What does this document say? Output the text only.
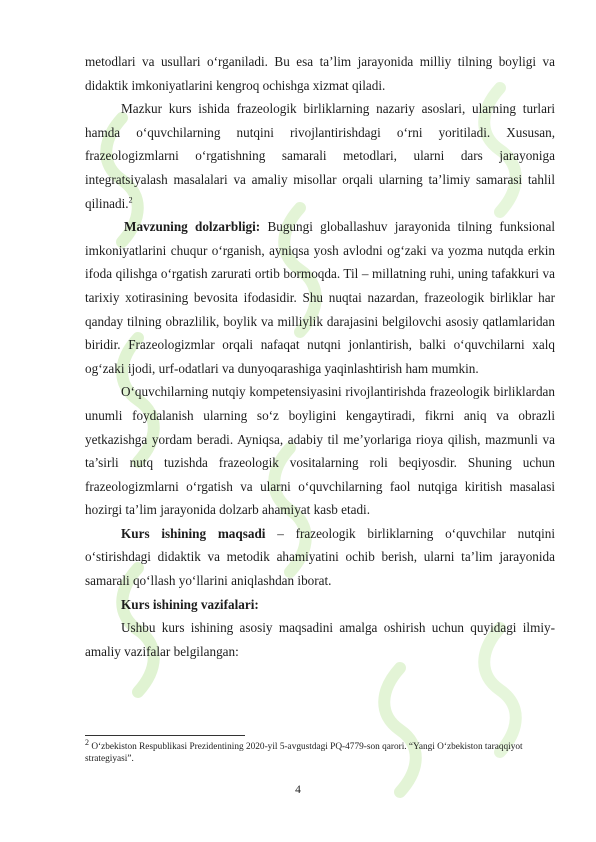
metodlari va usullari o‘rganiladi. Bu esa ta’lim jarayonida milliy tilning boyligi va didaktik imkoniyatlarini kengroq ochishga xizmat qiladi.

Mazkur kurs ishida frazeologik birliklarning nazariy asoslari, ularning turlari hamda o‘quvchilarning nutqini rivojlantirishdagi o‘rni yoritiladi. Xususan, frazeologizmlarni o‘rgatishning samarali metodlari, ularni dars jarayoniga integratsiyalash masalalari va amaliy misollar orqali ularning ta’limiy samarasi tahlil qilinadi.$^2$

Mavzuning dolzarbligi: Bugungi globallashuv jarayonida tilning funksional imkoniyatlarini chuqur o‘rganish, ayniqsa yosh avlodni og‘zaki va yozma nutqda erkin ifoda qilishga o‘rgatish zarurati ortib bormoqda. Til – millatning ruhi, uning tafakkuri va tarixiy xotirasining bevosita ifodasidir. Shu nuqtai nazardan, frazeologik birliklar har qanday tilning obrazlilik, boylik va milliylik darajasini belgilovchi asosiy qatlamlaridan biridir. Frazeologizmlar orqali nafaqat nutqni jonlantirish, balki o‘quvchilarni xalq og‘zaki ijodi, urf-odatlari va dunyoqarashiga yaqinlashtirish ham mumkin.

O‘quvchilarning nutqiy kompetensiyasini rivojlantirishda frazeologik birliklardan unumli foydalanish ularning so‘z boyligini kengaytiradi, fikrni aniq va obrazli yetkazishga yordam beradi. Ayniqsa, adabiy til me’yorlariga rioya qilish, mazmunli va ta’sirli nutq tuzishda frazeologik vositalarning roli beqiyosdir. Shuning uchun frazeologizmlarni o‘rgatish va ularni o‘quvchilarning faol nutqiga kiritish masalasi hozirgi ta’lim jarayonida dolzarb ahamiyat kasb etadi.

Kurs ishining maqsadi – frazeologik birliklarning o‘quvchilar nutqini o‘stirishdagi didaktik va metodik ahamiyatini ochib berish, ularni ta’lim jarayonida samarali qo‘llash yo‘llarini aniqlashdan iborat.

Kurs ishining vazifalari:

Ushbu kurs ishining asosiy maqsadini amalga oshirish uchun quyidagi ilmiy-amaliy vazifalar belgilangan:

$^2$ O‘zbekiston Respublikasi Prezidentining 2020-yil 5-avgustdagi PQ-4779-son qarori. “Yangi O‘zbekiston taraqqiyot strategiyasi”.
4
